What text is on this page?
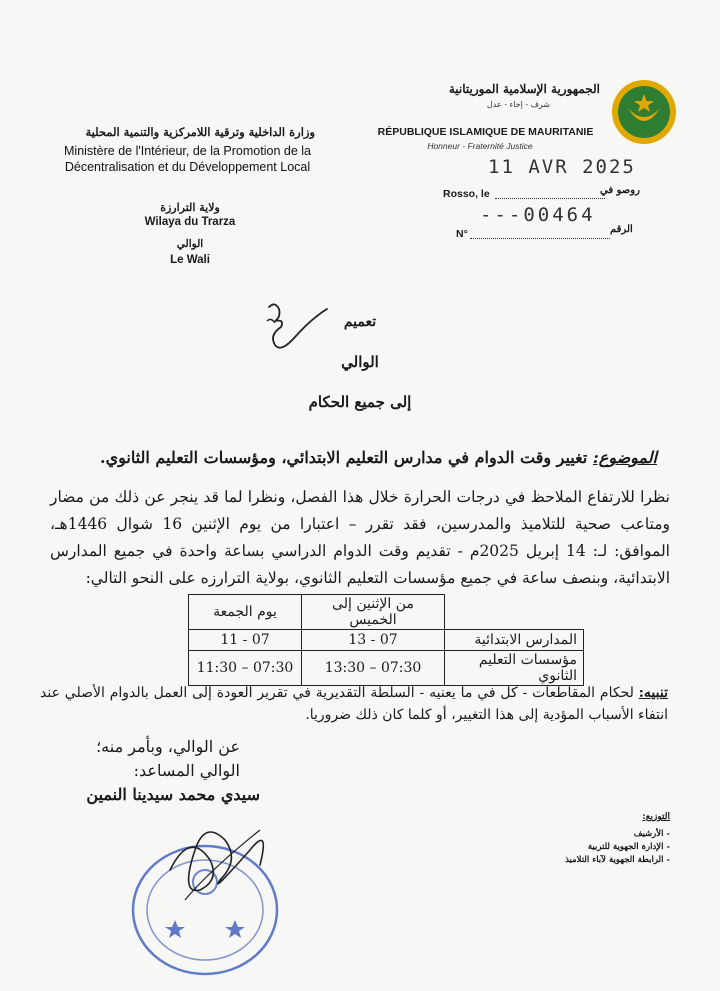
الجمهورية الإسلامية الموريتانية
شرف - إخاء - عدل
RÉPUBLIQUE ISLAMIQUE DE MAURITANIE
Honneur - Fraternité Justice
وزارة الداخلية وترقية اللامركزية والتنمية المحلية
Ministère de l'Intérieur, de la Promotion de la Décentralisation et du Développement Local
ولاية الترارزة
Wilaya du Trarza
الوالي
Le Wali
11 AVR 2025
Rosso, le	روصو في
---00464
N°	الرقم
تعميم
الوالي
إلى جميع الحكام
الموضوع: تغيير وقت الدوام في مدارس التعليم الابتدائي، ومؤسسات التعليم الثانوي.
نظرا للارتفاع الملاحظ في درجات الحرارة خلال هذا الفصل، ونظرا لما قد ينجر عن ذلك من مضار ومتاعب صحية للتلاميذ والمدرسين، فقد تقرر – اعتبارا من يوم الإثنين 16 شوال 1446هـ، الموافق: لـ: 14 إبريل 2025م - تقديم وقت الدوام الدراسي بساعة واحدة في جميع المدارس الابتدائية، وبنصف ساعة في جميع مؤسسات التعليم الثانوي، بولاية الترارزه على النحو التالي:
	من الإثنين إلى الخميس	يوم الجمعة
المدارس الابتدائية	07 - 13	07 - 11
مؤسسات التعليم الثانوي	07:30 – 13:30	07:30 – 11:30
تنبيه: لحكام المقاطعات - كل في ما يعنيه - السلطة التقديرية في تقرير العودة إلى العمل بالدوام الأصلي عند انتفاء الأسباب المؤدية إلى هذا التغيير، أو كلما كان ذلك ضروريا.
عن الوالي، وبأمر منه؛
الوالي المساعد:
سيدي محمد سيدينا النمين
التوزيع:
- الأرشيف
- الإدارة الجهوية للتربية
- الرابطة الجهوية لآباء التلاميذ
